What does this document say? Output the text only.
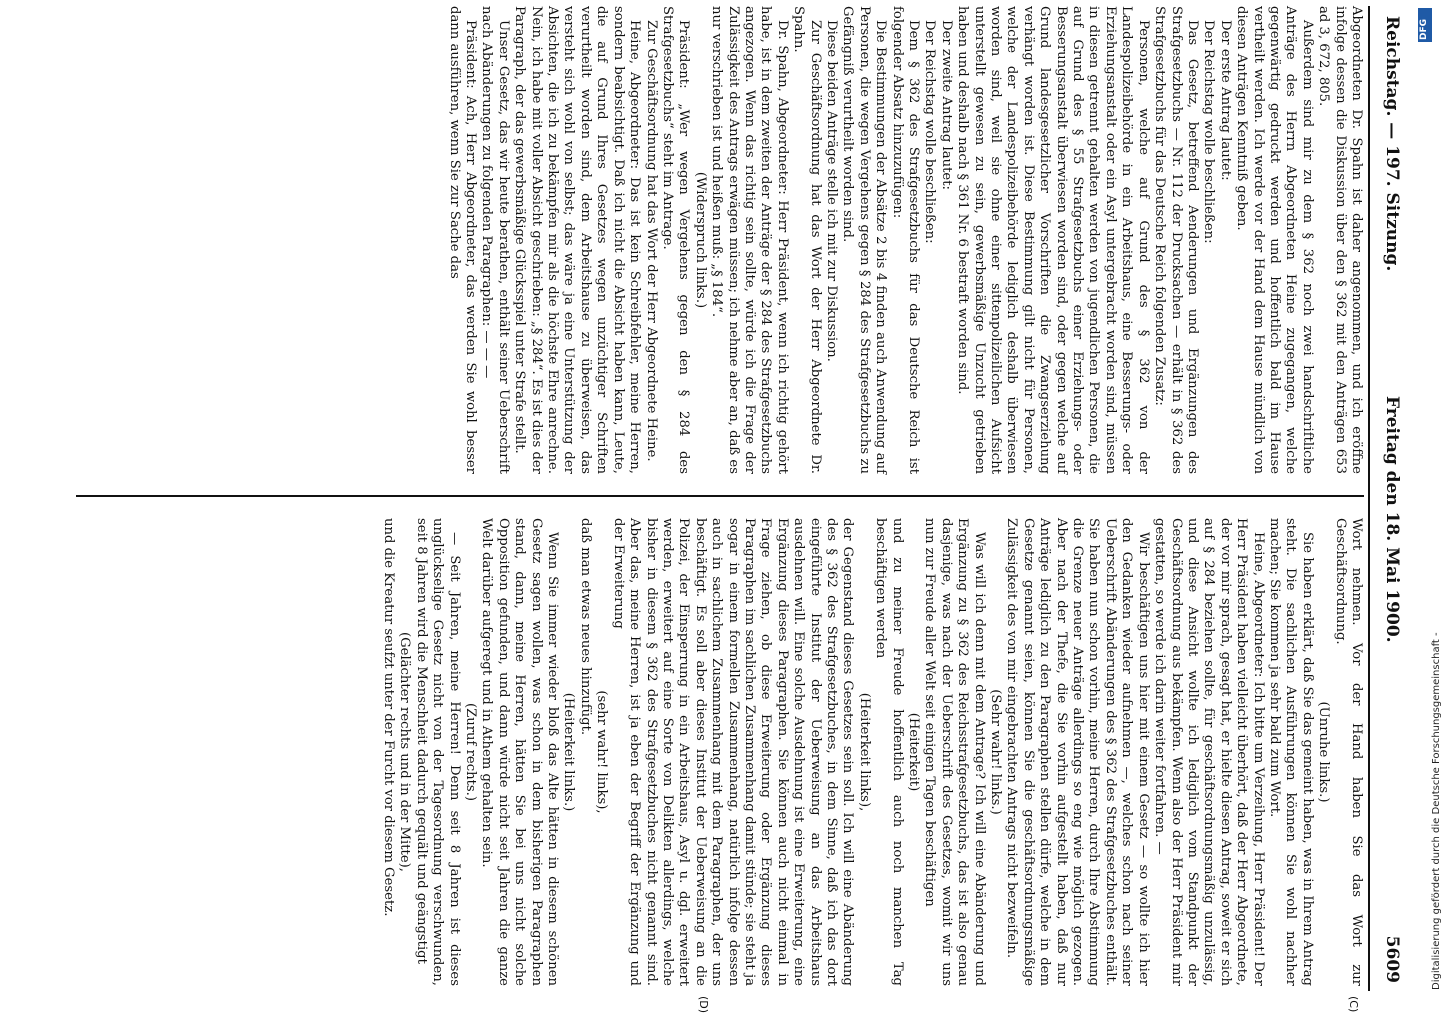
Reichstag. — 197. Sitzung.
Freitag den 18. Mai 1900.
5609

Abgeordneten Dr. Spahn ist daher angenommen, und ich eröffne infolge dessen die Diskussion über den § 362 mit den Anträgen 653 ad 3, 672, 805.

Außerdem sind mir zu dem § 362 noch zwei handschriftliche Anträge des Herrn Abgeordneten Heine zugegangen, welche gegenwärtig gedruckt werden und hoffentlich bald im Hause vertheilt werden. Ich werde vor der Hand dem Hause mündlich von diesen Anträgen Kenntniß geben.

Der erste Antrag lautet:

Der Reichstag wolle beschließen:

Das Gesetz, betreffend Aenderungen und Ergänzungen des Strafgesetzbuchs — Nr. 112 der Drucksachen — erhält in § 362 des Strafgesetzbuchs für das Deutsche Reich folgenden Zusatz:

Personen, welche auf Grund des § 362 von der Landespolizeibehörde in ein Arbeitshaus, eine Besserungs- oder Erziehungsanstalt oder ein Asyl untergebracht worden sind, müssen in diesen getrennt gehalten werden von jugendlichen Personen, die auf Grund des § 55 Strafgesetzbuchs einer Erziehungs- oder Besserungsanstalt überwiesen worden sind, oder gegen welche auf Grund landesgesetzlicher Vorschriften die Zwangserziehung verhängt worden ist. Diese Bestimmung gilt nicht für Personen, welche der Landespolizeibehörde lediglich deshalb überwiesen worden sind, weil sie ohne einer sittenpolizeilichen Aufsicht unterstellt gewesen zu sein, gewerbsmäßige Unzucht getrieben haben und deshalb nach § 361 Nr. 6 bestraft worden sind.

Der zweite Antrag lautet:

Der Reichstag wolle beschließen:

Dem § 362 des Strafgesetzbuchs für das Deutsche Reich ist folgender Absatz hinzuzufügen:

Die Bestimmungen der Absätze 2 bis 4 finden auch Anwendung auf Personen, die wegen Vergehens gegen § 284 des Strafgesetzbuchs zu Gefängniß verurtheilt worden sind.

Diese beiden Anträge stelle ich mit zur Diskussion.

Zur Geschäftsordnung hat das Wort der Herr Abgeordnete Dr. Spahn.

Dr. Spahn, Abgeordneter: Herr Präsident, wenn ich richtig gehört habe, ist in dem zweiten der Anträge der § 284 des Strafgesetzbuchs angezogen. Wenn das richtig sein sollte, würde ich die Frage der Zulässigkeit des Antrags erwägen müssen; ich nehme aber an, daß es nur verschrieben ist und heißen muß: „§ 184“.

(Widerspruch links.)

Präsident: „Wer wegen Vergehens gegen den § 284 des Strafgesetzbuchs“ steht im Antrage.

Zur Geschäftsordnung hat das Wort der Herr Abgeordnete Heine.

Heine, Abgeordneter: Das ist kein Schreibfehler, meine Herren, sondern beabsichtigt. Daß ich nicht die Absicht haben kann, Leute, die auf Grund Ihres Gesetzes wegen unzüchtiger Schriften verurtheilt worden sind, dem Arbeitshause zu überweisen, das versteht sich wohl von selbst; das wäre ja eine Unterstützung der Absichten, die ich zu bekämpfen mir als die höchste Ehre anrechne. Nein, ich habe mit voller Absicht geschrieben: „§ 284“. Es ist dies der Paragraph, der das gewerbsmäßige Glücksspiel unter Strafe stellt.

Unser Gesetz, das wir heute berathen, enthält seiner Ueberschrift nach Abänderungen zu folgenden Paragraphen: — — —

Präsident: Ach, Herr Abgeordneter, das werden Sie wohl besser dann ausführen, wenn Sie zur Sache das

Wort nehmen. Vor der Hand haben Sie das Wort zur Geschäftsordnung.

(Unruhe links.)

Sie haben erklärt, daß Sie das gemeint haben, was in Ihrem Antrag steht. Die sachlichen Ausführungen können Sie wohl nachher machen; Sie kommen ja sehr bald zum Wort.

Heine, Abgeordneter: Ich bitte um Verzeihung, Herr Präsident! Der Herr Präsident haben vielleicht überhört, daß der Herr Abgeordnete, der vor mir sprach, gesagt hat, er hielte diesen Antrag, soweit er sich auf § 284 beziehen sollte, für geschäftsordnungsmäßig unzulässig, und diese Ansicht wollte ich lediglich vom Standpunkt der Geschäftsordnung aus bekämpfen. Wenn also der Herr Präsident mir gestatten, so werde ich darin weiter fortfahren. —

Wir beschäftigen uns hier mit einem Gesetz — so wollte ich hier den Gedanken wieder aufnehmen —, welches schon nach seiner Ueberschrift Abänderungen des § 362 des Strafgesetzbuches enthält. Sie haben nun schon vorhin, meine Herren, durch Ihre Abstimmung die Grenze neuer Anträge allerdings so eng wie möglich gezogen. Aber nach der Thefe, die Sie vorhin aufgestellt haben, daß nur Anträge lediglich zu den Paragraphen stellen dürfe, welche in dem Gesetze genannt seien, können Sie die geschäftsordnungsmäßige Zulässigkeit des von mir eingebrachten Antrags nicht bezweifeln.

(Sehr wahr! links.)

Was will ich denn mit dem Antrage? Ich will eine Abänderung und Ergänzung zu § 362 des Reichsstrafgesetzbuchs, das ist also genau dasjenige, was nach der Ueberschrift des Gesetzes, womit wir uns nun zur Freude aller Welt seit einigen Tagen beschäftigen

(Heiterkeit)

und zu meiner Freude hoffentlich auch noch manchen Tag beschäftigen werden

(Heiterkeit links),

der Gegenstand dieses Gesetzes sein soll. Ich will eine Abänderung des § 362 des Strafgesetzbuches, in dem Sinne, daß ich das dort eingeführte Institut der Ueberweisung an das Arbeitshaus ausdehnen will. Eine solche Ausdehnung ist eine Erweiterung, eine Ergänzung dieses Paragraphen. Sie können auch nicht einmal in Frage ziehen, ob diese Erweiterung oder Ergänzung dieses Paragraphen im sachlichen Zusammenhang damit stünde; sie steht ja sogar in einem formellen Zusammenhang, natürlich infolge dessen auch in sachlichem Zusammenhang mit dem Paragraphen, der uns beschäftigt. Es soll aber dieses Institut der Ueberweisung an die Polizei, der Einsperrung in ein Arbeitshaus, Asyl u. dgl. erweitert werden, erweitert auf eine Sorte von Delikten allerdings, welche bisher in diesem § 362 des Strafgesetzbuches nicht genannt sind. Aber das, meine Herren, ist ja eben der Begriff der Ergänzung und der Erweiterung

(sehr wahr! links),

daß man etwas neues hinzufügt.

(Heiterkeit links.)

Wenn Sie immer wieder bloß das Alte hätten in diesem schönen Gesetz sagen wollen, was schon in dem bisherigen Paragraphen stand, dann, meine Herren, hätten Sie bei uns nicht solche Opposition gefunden, und dann würde nicht seit Jahren die ganze Welt darüber aufgeregt und in Athem gehalten sein.

(Zuruf rechts.)

— Seit Jahren, meine Herren! Denn seit 8 Jahren ist dieses unglückselige Gesetz nicht von der Tagesordnung verschwunden, seit 8 Jahren wird die Menschheit dadurch gequält und geängstigt

(Gelächter rechts und in der Mitte),

und die Kreatur seufzt unter der Furcht vor diesem Gesetz.

(C)
(D)
DFG
Digitalisierung gefördert durch die Deutsche Forschungsgemeinschaft -
